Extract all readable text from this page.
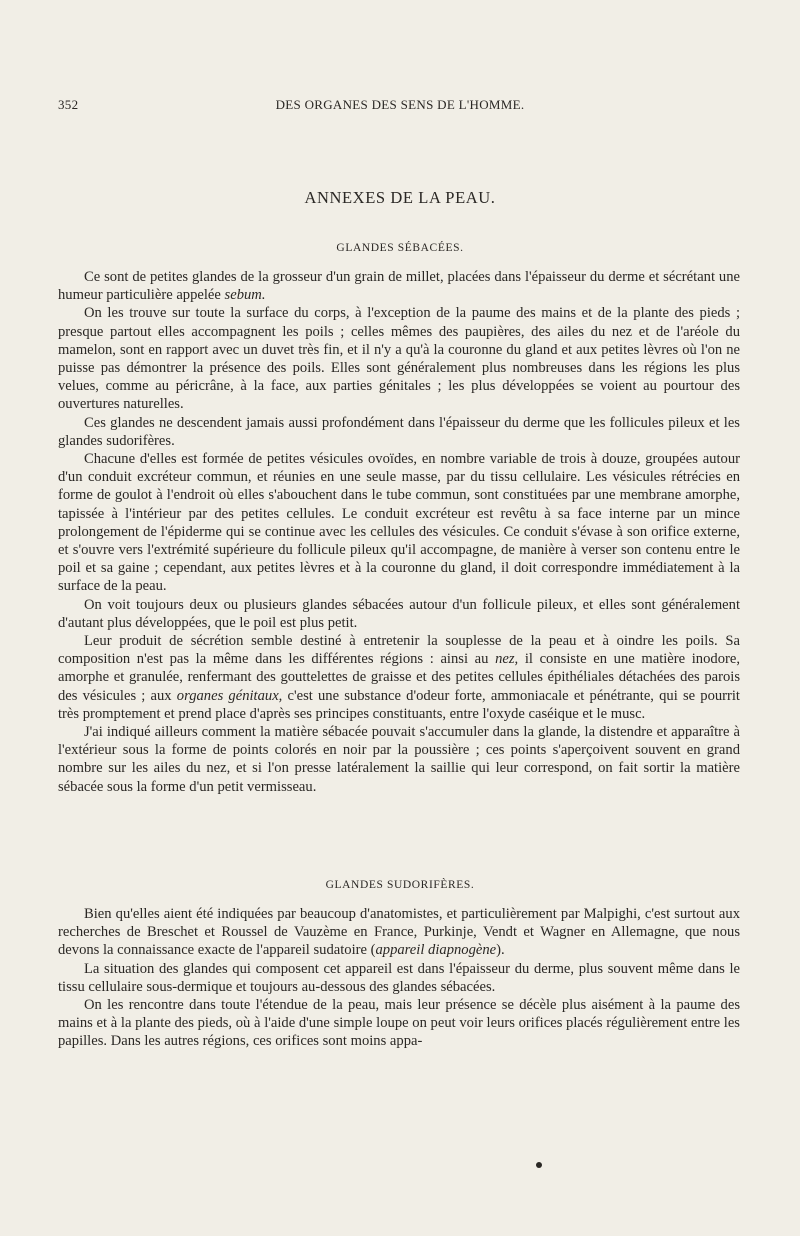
352	DES ORGANES DES SENS DE L'HOMME.
ANNEXES DE LA PEAU.
GLANDES SÉBACÉES.

Ce sont de petites glandes de la grosseur d'un grain de millet, placées dans l'épaisseur du derme et sécrétant une humeur particulière appelée sebum.

On les trouve sur toute la surface du corps, à l'exception de la paume des mains et de la plante des pieds ; presque partout elles accompagnent les poils ; celles mêmes des paupières, des ailes du nez et de l'aréole du mamelon, sont en rapport avec un duvet très fin, et il n'y a qu'à la couronne du gland et aux petites lèvres où l'on ne puisse pas démontrer la présence des poils. Elles sont généralement plus nombreuses dans les régions les plus velues, comme au péricrâne, à la face, aux parties génitales ; les plus développées se voient au pourtour des ouvertures naturelles.

Ces glandes ne descendent jamais aussi profondément dans l'épaisseur du derme que les follicules pileux et les glandes sudorifères.

Chacune d'elles est formée de petites vésicules ovoïdes, en nombre variable de trois à douze, groupées autour d'un conduit excréteur commun, et réunies en une seule masse, par du tissu cellulaire. Les vésicules rétrécies en forme de goulot à l'endroit où elles s'abouchent dans le tube commun, sont constituées par une membrane amorphe, tapissée à l'intérieur par des petites cellules. Le conduit excréteur est revêtu à sa face interne par un mince prolongement de l'épiderme qui se continue avec les cellules des vésicules. Ce conduit s'évase à son orifice externe, et s'ouvre vers l'extrémité supérieure du follicule pileux qu'il accompagne, de manière à verser son contenu entre le poil et sa gaine ; cependant, aux petites lèvres et à la couronne du gland, il doit correspondre immédiatement à la surface de la peau.

On voit toujours deux ou plusieurs glandes sébacées autour d'un follicule pileux, et elles sont généralement d'autant plus développées, que le poil est plus petit.

Leur produit de sécrétion semble destiné à entretenir la souplesse de la peau et à oindre les poils. Sa composition n'est pas la même dans les différentes régions : ainsi au nez, il consiste en une matière inodore, amorphe et granulée, renfermant des gouttelettes de graisse et des petites cellules épithéliales détachées des parois des vésicules ; aux organes génitaux, c'est une substance d'odeur forte, ammoniacale et pénétrante, qui se pourrit très promptement et prend place d'après ses principes constituants, entre l'oxyde caséique et le musc.

J'ai indiqué ailleurs comment la matière sébacée pouvait s'accumuler dans la glande, la distendre et apparaître à l'extérieur sous la forme de points colorés en noir par la poussière ; ces points s'aperçoivent souvent en grand nombre sur les ailes du nez, et si l'on presse latéralement la saillie qui leur correspond, on fait sortir la matière sébacée sous la forme d'un petit vermisseau.

GLANDES SUDORIFÈRES.

Bien qu'elles aient été indiquées par beaucoup d'anatomistes, et particulièrement par Malpighi, c'est surtout aux recherches de Breschet et Roussel de Vauzème en France, Purkinje, Vendt et Wagner en Allemagne, que nous devons la connaissance exacte de l'appareil sudatoire (appareil diapnogène).

La situation des glandes qui composent cet appareil est dans l'épaisseur du derme, plus souvent même dans le tissu cellulaire sous-dermique et toujours au-dessous des glandes sébacées.

On les rencontre dans toute l'étendue de la peau, mais leur présence se décèle plus aisément à la paume des mains et à la plante des pieds, où à l'aide d'une simple loupe on peut voir leurs orifices placés régulièrement entre les papilles. Dans les autres régions, ces orifices sont moins appa-
